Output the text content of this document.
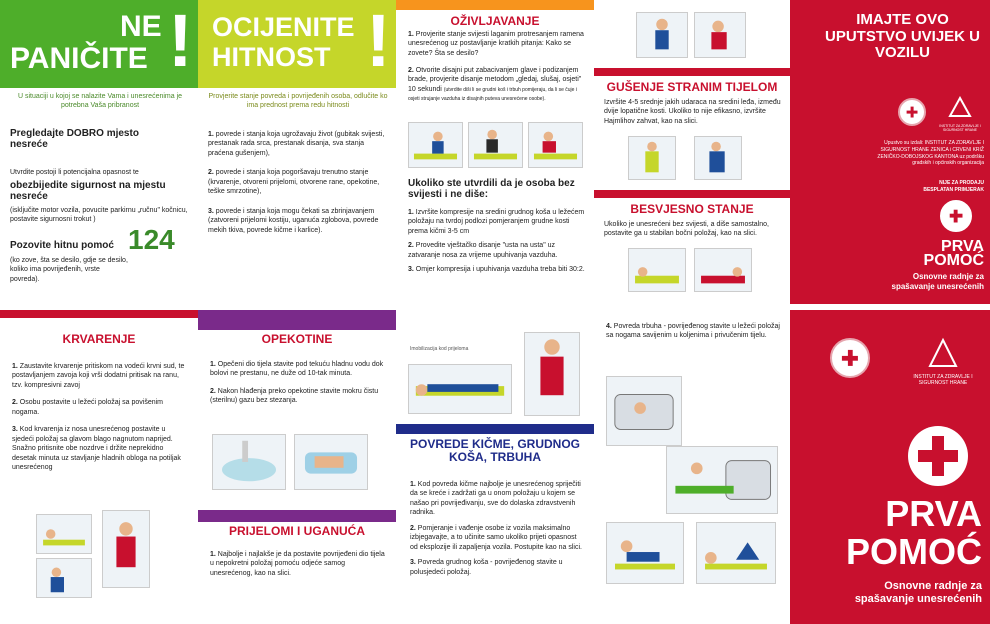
NE
PANIČITE !
U situaciji u kojoj se nalazite Vama i unesrećenima je potrebna Vaša pribranost
Pregledajte DOBRO mjesto nesreće
Utvrdite postoji li potencijalna opasnost te
obezbijedite sigurnost na mjestu nesreće
(isključite motor vozila, povucite parkirnu „ručnu" kočnicu, postavite sigurnosni trokut )
Pozovite hitnu pomoć 124
(ko zove, šta se desilo, gdje se desilo, koliko ima povrijeđenih, vrste povreda).
OCIJENITE
HITNOST !
Provjerite stanje povreda i povrijeđenih osoba, odlučite ko ima prednost prema redu hitnosti
1. povrede i stanja koja ugrožavaju život (gubitak svijesti, prestanak rada srca, prestanak disanja, sva stanja praćena gušenjem),
2. povrede i stanja koja pogoršavaju trenutno stanje (krvarenje, otvoreni prijelomi, otvorene rane, opekotine, teške smrzotine),
3. povrede i stanja koja mogu čekati sa zbrinjavanjem (zatvoreni prijelomi kostiju, uganuća zglobova, povrede mekih tkiva, povrede kičme i karlice).
OŽIVLJAVANJE
1. Provjerite stanje svijesti laganim protresanjem ramena unesrećenog uz postavljanje kratkih pitanja: Kako se zovete? Šta se desilo?
2. Otvorite disajni put zabacivanjem glave i podizanjem brade, provjerite disanje metodom „gledaj, slušaj, osjeti" 10 sekundi (utvrdite diši li se grudni koš i trbuh pomijeraju, da li se čuje i osjeti strujanje vazduha iz disajnih puteva unesrećene osobe).
Ukoliko ste utvrdili da je osoba bez svijesti i ne diše:
1. Izvršite kompresije na sredini grudnog koša u ležećem položaju na tvrdoj podlozi pomjeranjem grudne kosti prema kičmi 3-5 cm
2. Provedite vještačko disanje "usta na usta" uz zatvaranje nosa za vrijeme upuhivanja vazduha.
3. Omjer kompresija i upuhivanja vazduha treba biti 30:2.
GUŠENJE STRANIM TIJELOM
Izvršite 4-5 srednje jakih udaraca na sredini leđa, između dvije lopatične kosti. Ukoliko to nije efikasno, izvršite Hajmlihov zahvat, kao na slici.
BESVJESNO STANJE
Ukoliko je unesrećeni bez svijesti, a diše samostalno, postavite ga u stabilan bočni položaj, kao na slici.
IMAJTE OVO UPUTSTVO UVIJEK U VOZILU
INSTITUT ZA ZDRAVLJE I SIGURNOST HRANE
Upustvo su izdali: INSTITUT ZA ZDRAVLJE I SIGURNOST HRANE ZENICA i CRVENI KRIŽ ZENIČKO-DOBOJSKOG KANTONA uz podršku gradskih i općinskih organizacija
NIJE ZA PRODAJU BESPLATAN PRIMJERAK
PRVA
POMOĆ
Osnovne radnje za spašavanje unesrećenih
KRVARENJE
1. Zaustavite krvarenje pritiskom na vodeći krvni sud, te postavljanjem zavoja koji vrši dodatni pritisak na ranu, tzv. kompresivni zavoj
2. Osobu postavite u ležeći položaj sa povišenim nogama.
3. Kod krvarenja iz nosa unesrećenog postavite u sjedeći položaj sa glavom blago nagnutom naprijed. Snažno pritisnite obe nozdrve i držite neprekidno desetak minuta uz stavljanje hladnih obloga na potiljak unesrećenog
OPEKOTINE
1. Opečeni dio tijela stavite pod tekuću hladnu vodu dok bolovi ne prestanu, ne duže od 10-tak minuta.
2. Nakon hlađenja preko opekotine stavite mokru čistu (sterilnu) gazu bez stezanja.
PRIJELOMI I UGANUĆA
1. Najbolje i najlakše je da postavite povrijeđeni dio tijela u nepokretni položaj pomoću odjeće samog unesrećenog, kao na slici.
Imobilizacija kod prijeloma
POVREDE KIČME, GRUDNOG KOŠA, TRBUHA
1. Kod povreda kičme najbolje je unesrećenog spriječiti da se kreće i zadržati ga u onom položaju u kojem se našao pri povrijeđivanju, sve do dolaska zdravstvenih radnika.
2. Pomjeranje i vađenje osobe iz vozila maksimalno izbjegavajte, a to učinite samo ukoliko prijeti opasnost od eksplozije ili zapaljenja vozila. Postupite kao na slici.
3. Povreda grudnog koša - povrijeđenog stavite u polusjedeći položaj.
4. Povreda trbuha - povrijeđenog stavite u ležeći položaj sa nogama savijenim u koljenima i privučenim tijelu.
INSTITUT ZA ZDRAVLJE I SIGURNOST HRANE
PRVA
POMOĆ
Osnovne radnje za spašavanje unesrećenih
